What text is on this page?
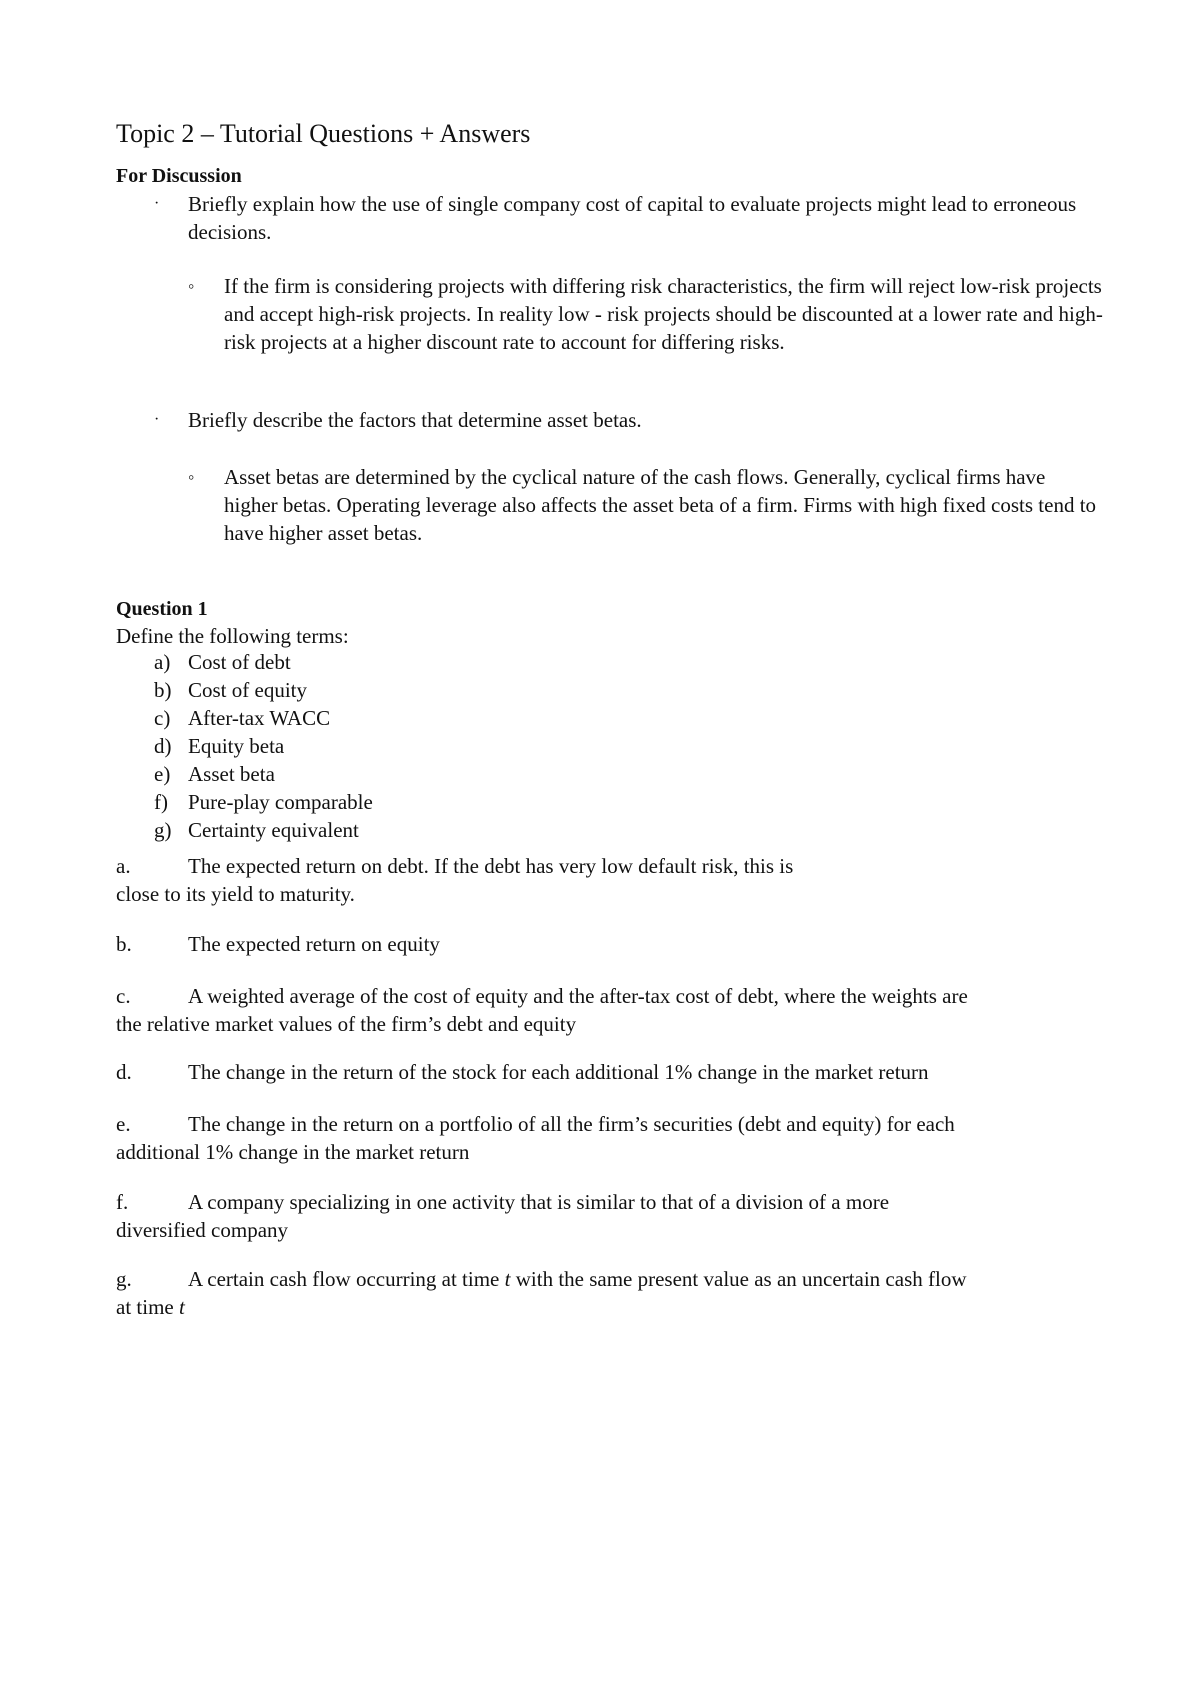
Topic 2 – Tutorial Questions + Answers
For Discussion
· Briefly explain how the use of single company cost of capital to evaluate projects might lead to erroneous decisions.
◦ If the firm is considering projects with differing risk characteristics, the firm will reject low-risk projects and accept high-risk projects. In reality low - risk projects should be discounted at a lower rate and high-risk projects at a higher discount rate to account for differing risks.
· Briefly describe the factors that determine asset betas.
◦ Asset betas are determined by the cyclical nature of the cash flows. Generally, cyclical firms have higher betas. Operating leverage also affects the asset beta of a firm. Firms with high fixed costs tend to have higher asset betas.
Question 1
Define the following terms:
a) Cost of debt
b) Cost of equity
c) After-tax WACC
d) Equity beta
e) Asset beta
f) Pure-play comparable
g) Certainty equivalent
a.	The expected return on debt. If the debt has very low default risk, this is
close to its yield to maturity.
b.	The expected return on equity
c.	A weighted average of the cost of equity and the after-tax cost of debt, where the weights are
the relative market values of the firm’s debt and equity
d.	The change in the return of the stock for each additional 1% change in the market return
e.	The change in the return on a portfolio of all the firm’s securities (debt and equity) for each
additional 1% change in the market return
f.	A company specializing in one activity that is similar to that of a division of a more
diversified company
g.	A certain cash flow occurring at time t with the same present value as an uncertain cash flow
at time t
